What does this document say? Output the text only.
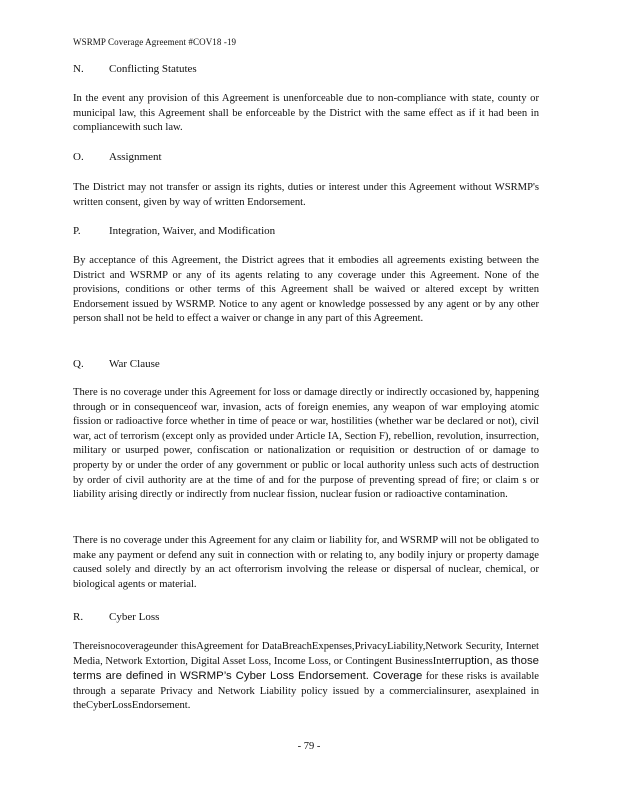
WSRMP Coverage Agreement #COV18 -19
N. Conflicting Statutes
In the event any provision of this Agreement is unenforceable due to non-compliance with state, county or municipal law, this Agreement shall be enforceable by the District with the same effect as if it had been in compliancewith such law.
O. Assignment
The District may not transfer or assign its rights, duties or interest under this Agreement without WSRMP's written consent, given by way of written Endorsement.
P.	Integration, Waiver, and Modification
By acceptance of this Agreement, the District agrees that it embodies all agreements existing between the District and WSRMP or any of its agents relating to any coverage under this Agreement. None of the provisions, conditions or other terms of this Agreement shall be waived or altered except by written Endorsement issued by WSRMP. Notice to any agent or knowledge possessed by any agent or by any other person shall not be held to effect a waiver or change in any part of this Agreement.
Q. War Clause
There is no coverage under this Agreement for loss or damage directly or indirectly occasioned by, happening through or in consequenceof war, invasion, acts of foreign enemies, any weapon of war employing atomic fission or radioactive force whether in time of peace or war, hostilities (whether war be declared or not), civil war, act of terrorism (except only as provided under Article IA, Section F), rebellion, revolution, insurrection, military or usurped power, confiscation or nationalization or requisition or destruction of or damage to property by or under the order of any government or public or local authority unless such acts of destruction by order of civil authority are at the time of and for the purpose of preventing spread of fire; or claim s or liability arising directly or indirectly from nuclear fission, nuclear fusion or radioactive contamination.
There is no coverage under this Agreement for any claim or liability for, and WSRMP will not be obligated to make any payment or defend any suit in connection with or relating to, any bodily injury or property damage caused solely and directly by an act ofterrorism involving the release or dispersal of nuclear, chemical, or biological agents or material.
R. Cyber Loss
Thereisnocoverageunder thisAgreement for DataBreachExpenses,PrivacyLiability,Network Security, Internet Media, Network Extortion, Digital Asset Loss, Income Loss, or Contingent BusinessInterruption, as those terms are defined in WSRMP’s Cyber Loss Endorsement. Coverage for these risks is available through a separate Privacy and Network Liability policy issued by a commercialinsurer, asexplained in theCyberLossEndorsement.
- 79 -
